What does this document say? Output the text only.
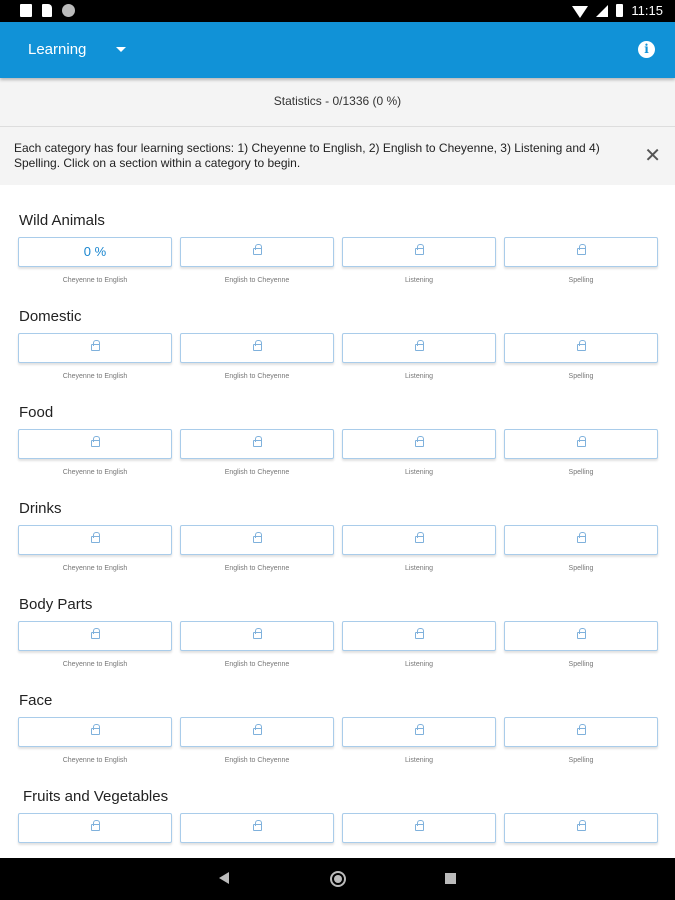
11:15
Learning	i
Statistics - 0/1336 (0 %)
Each category has four learning sections: 1) Cheyenne to English, 2) English to Cheyenne, 3) Listening and 4) Spelling. Click on a section within a category to begin.	✕
Wild Animals
0 %
Cheyenne to English	English to Cheyenne	Listening	Spelling
Domestic
Cheyenne to English	English to Cheyenne	Listening	Spelling
Food
Cheyenne to English	English to Cheyenne	Listening	Spelling
Drinks
Cheyenne to English	English to Cheyenne	Listening	Spelling
Body Parts
Cheyenne to English	English to Cheyenne	Listening	Spelling
Face
Cheyenne to English	English to Cheyenne	Listening	Spelling
Fruits and Vegetables
